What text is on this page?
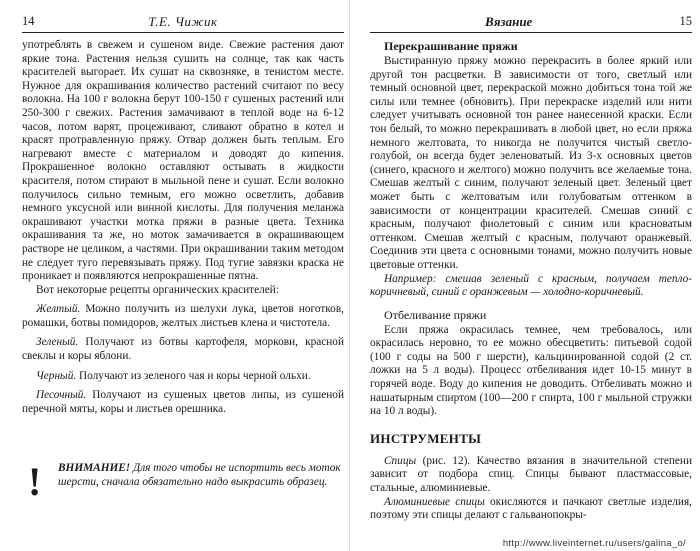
14	Т.Е. Чижик

употреблять в свежем и сушеном виде. Свежие растения дают яркие тона. Растения нельзя сушить на солнце, так как часть красителей выгорает. Их сушат на сквозняке, в тенистом месте. Нужное для окрашивания количество растений считают по весу волокна. На 100 г волокна берут 100-150 г сушеных растений или 250-300 г свежих. Растения замачивают в теплой воде на 6-12 часов, потом варят, процеживают, сливают обратно в котел и красят протравленную пряжу. Отвар должен быть теплым. Его нагревают вместе с материалом и доводят до кипения. Прокрашенное волокно оставляют остывать в жидкости красителя, потом стирают в мыльной пене и сушат. Если волокно получилось сильно темным, его можно осветлить, добавив немного уксусной или винной кислоты. Для получения меланжа окрашивают участки мотка пряжи в разные цвета. Техника окрашивания та же, но моток замачивается в окрашивающем растворе не целиком, а частями. При окрашивании таким методом не следует туго перевязывать пряжу. Под тугие завязки краска не проникает и появляются непрокрашенные пятна.

Вот некоторые рецепты органических красителей:

Желтый. Можно получить из шелухи лука, цветов ноготков, ромашки, ботвы помидоров, желтых листьев клена и чистотела.

Зеленый. Получают из ботвы картофеля, моркови, красной свеклы и коры яблони.

Черный. Получают из зеленого чая и коры черной ольхи.

Песочный. Получают из сушеных цветов липы, из сушеной перечной мяты, коры и листьев орешника.

! ВНИМАНИЕ! Для того чтобы не испортить весь моток шерсти, сначала обязательно надо выкрасить образец.
Вязание	15
Перекрашивание пряжи

Выстиранную пряжу можно перекрасить в более яркий или другой тон расцветки. В зависимости от того, светлый или темный основной цвет, перекраской можно добиться тона той же силы или темнее (обновить). При перекраске изделий или нити следует учитывать основной тон ранее нанесенной краски. Если тон белый, то можно перекрашивать в любой цвет, но если пряжа немного желтовата, то никогда не получится чистый светло-голубой, он всегда будет зеленоватый. Из 3-х основных цветов (синего, красного и желтого) можно получить все желаемые тона. Смешав желтый с синим, получают зеленый цвет. Зеленый цвет может быть с желтоватым или голубоватым оттенком в зависимости от концентрации красителей. Смешав синий с красным, получают фиолетовый с синим или красноватым оттенком. Смешав желтый с красным, получают оранжевый. Соединив эти цвета с основными тонами, можно получить новые цветовые оттенки.

Например: смешав зеленый с красным, получаем тепло-коричневый, синий с оранжевым — холодно-коричневый.

Отбеливание пряжи

Если пряжа окрасилась темнее, чем требовалось, или окрасилась неровно, то ее можно обесцветить: питьевой содой (100 г соды на 500 г шерсти), кальцинированной содой (2 ст. ложки на 5 л воды). Процесс отбеливания идет 10-15 минут в горячей воде. Воду до кипения не доводить. Отбеливать можно и нашатырным спиртом (100—200 г спирта, 100 г мыльной стружки на 10 л воды).

ИНСТРУМЕНТЫ

Спицы (рис. 12). Качество вязания в значительной степени зависит от подбора спиц. Спицы бывают пластмассовые, стальные, алюминиевые.

Алюминиевые спицы окисляются и пачкают светлые изделия, поэтому эти спицы делают с гальванопокры-

http://www.liveinternet.ru/users/galina_o/
